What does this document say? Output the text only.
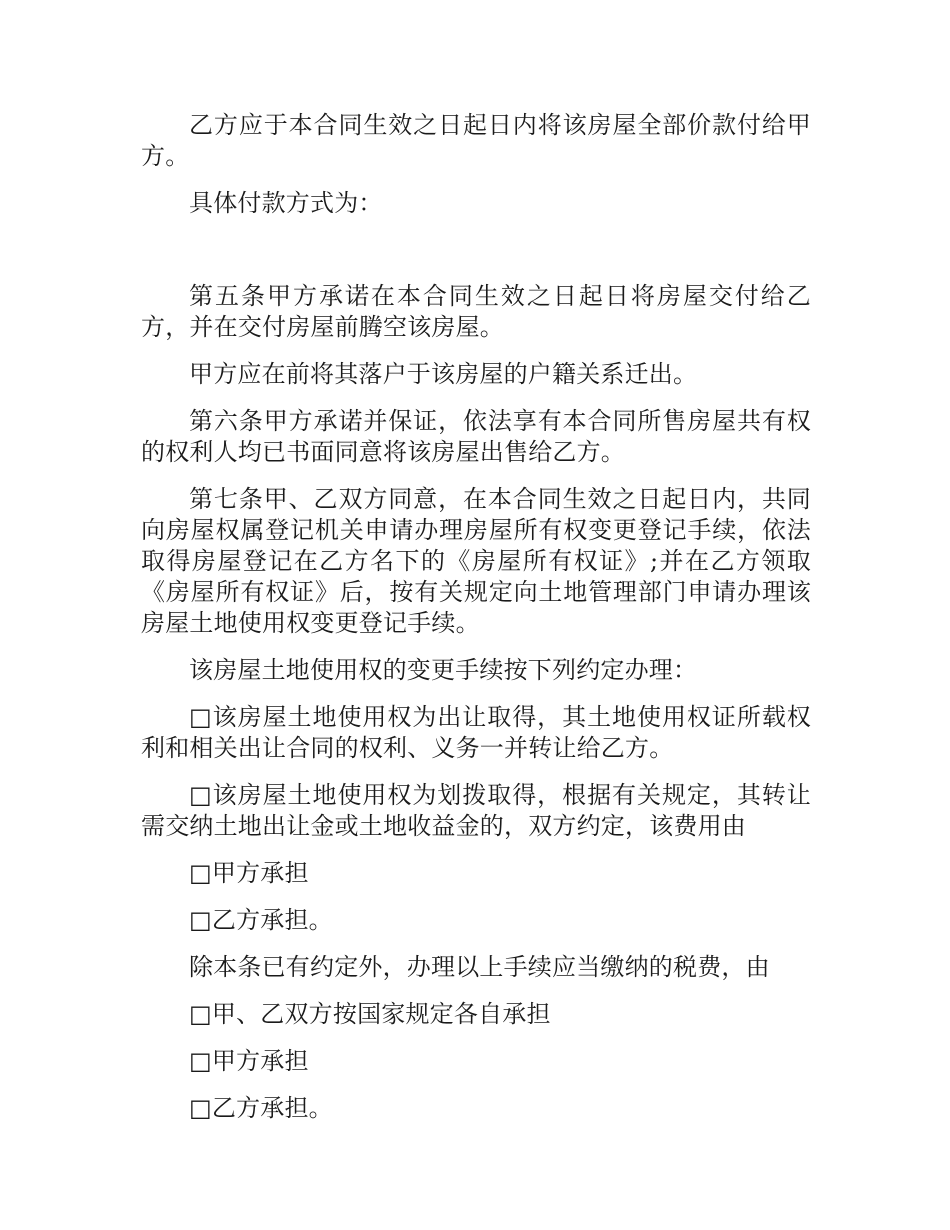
乙方应于本合同生效之日起日内将该房屋全部价款付给甲方。

具体付款方式为：

第五条甲方承诺在本合同生效之日起日将房屋交付给乙方，并在交付房屋前腾空该房屋。

甲方应在前将其落户于该房屋的户籍关系迁出。

第六条甲方承诺并保证，依法享有本合同所售房屋共有权的权利人均已书面同意将该房屋出售给乙方。

第七条甲、乙双方同意，在本合同生效之日起日内，共同向房屋权属登记机关申请办理房屋所有权变更登记手续，依法取得房屋登记在乙方名下的《房屋所有权证》;并在乙方领取《房屋所有权证》后，按有关规定向土地管理部门申请办理该房屋土地使用权变更登记手续。

该房屋土地使用权的变更手续按下列约定办理：

□该房屋土地使用权为出让取得，其土地使用权证所载权利和相关出让合同的权利、义务一并转让给乙方。

□该房屋土地使用权为划拨取得，根据有关规定，其转让需交纳土地出让金或土地收益金的，双方约定，该费用由

□甲方承担

□乙方承担。

除本条已有约定外，办理以上手续应当缴纳的税费，由

□甲、乙双方按国家规定各自承担

□甲方承担

□乙方承担。
